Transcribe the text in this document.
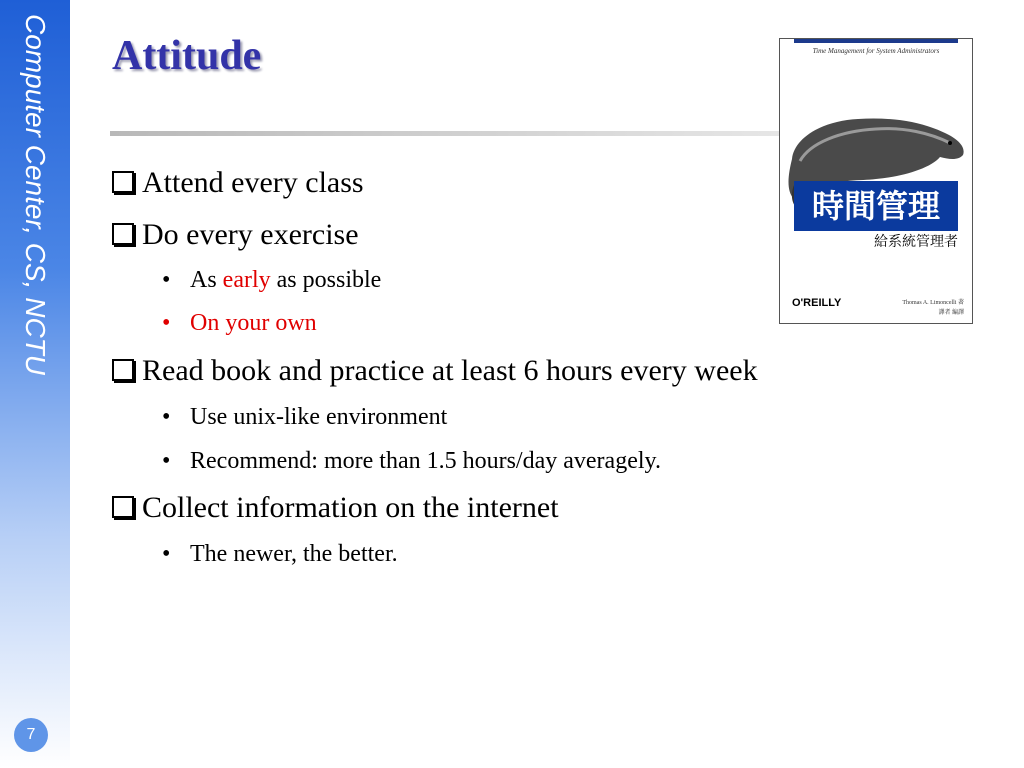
Computer Center, CS, NCTU
7
Attitude
Attend every class
Do every exercise
• As early as possible
• On your own
Read book and practice at least 6 hours every week
• Use unix-like environment
• Recommend: more than 1.5 hours/day averagely.
Collect information on the internet
• The newer, the better.
Time Management for System Administrators
時間管理
給系統管理者
O'REILLY	Thomas A. Limoncelli 著
譯者 編譯
